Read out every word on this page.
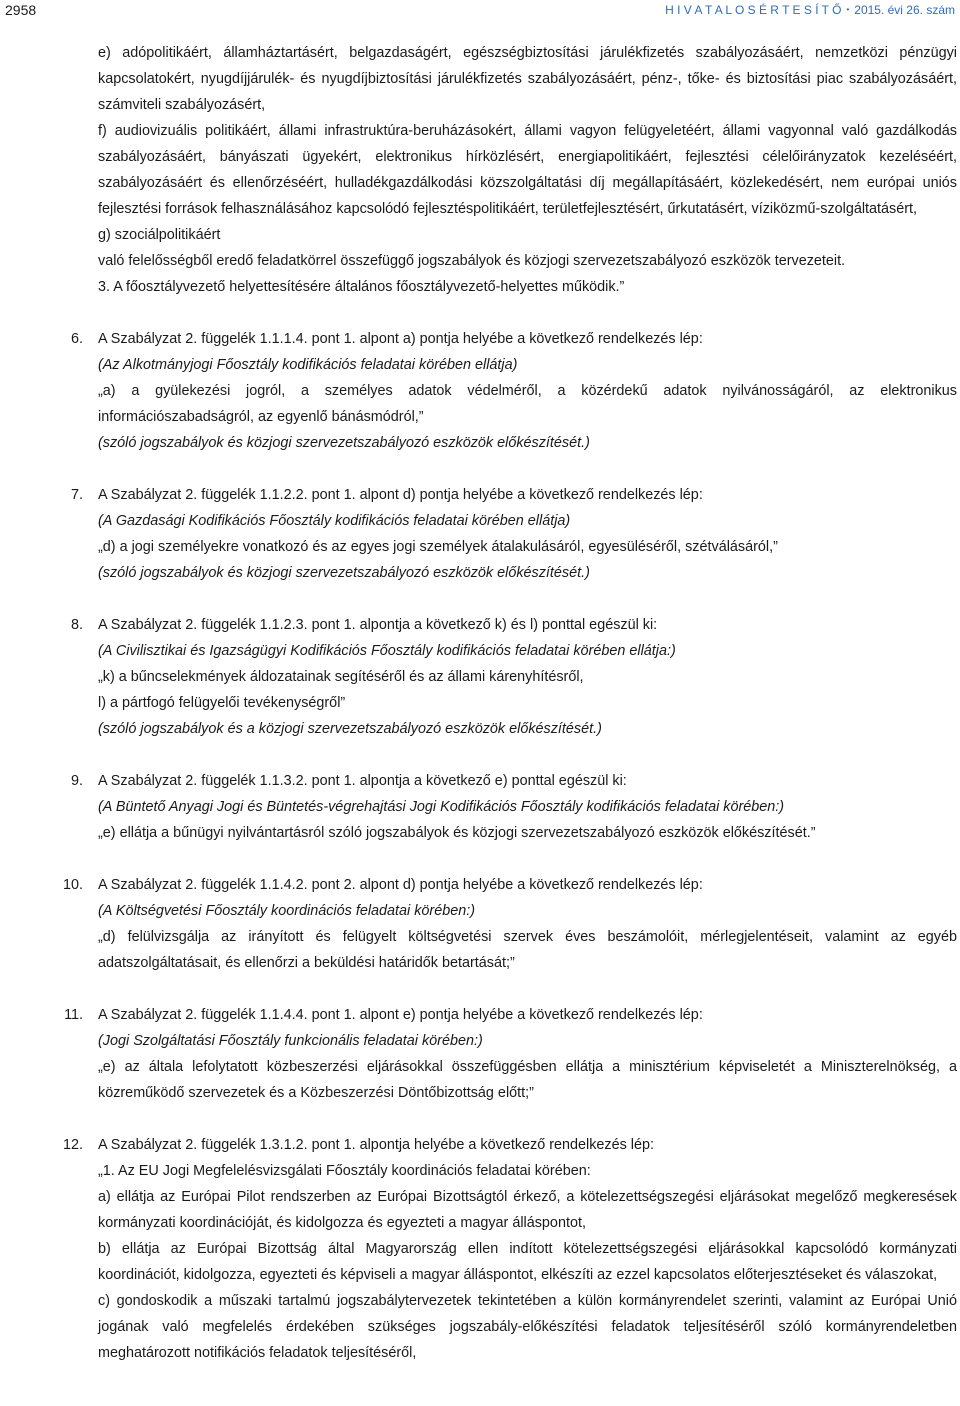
2958	H I V A T A L O S É R T E S Í T Ő • 2015. évi 26. szám

e) adópolitikáért, államháztartásért, belgazdaságért, egészségbiztosítási járulékfizetés szabályozásáért, nemzetközi pénzügyi kapcsolatokért, nyugdíjjárulék- és nyugdíjbiztosítási járulékfizetés szabályozásáért, pénz-, tőke- és biztosítási piac szabályozásáért, számviteli szabályozásért,

f) audiovizuális politikáért, állami infrastruktúra-beruházásokért, állami vagyon felügyeletéért, állami vagyonnal való gazdálkodás szabályozásáért, bányászati ügyekért, elektronikus hírközlésért, energiapolitikáért, fejlesztési célelőirányzatok kezeléséért, szabályozásáért és ellenőrzéséért, hulladékgazdálkodási közszolgáltatási díj megállapításáért, közlekedésért, nem európai uniós fejlesztési források felhasználásához kapcsolódó fejlesztéspolitikáért, területfejlesztésért, űrkutatásért, víziközmű-szolgáltatásért,

g) szociálpolitikáért

való felelősségből eredő feladatkörrel összefüggő jogszabályok és közjogi szervezetszabályozó eszközök tervezeteit.

3. A főosztályvezető helyettesítésére általános főosztályvezető-helyettes működik.”

6. A Szabályzat 2. függelék 1.1.1.4. pont 1. alpont a) pontja helyébe a következő rendelkezés lép:

(Az Alkotmányjogi Főosztály kodifikációs feladatai körében ellátja)

„a) a gyülekezési jogról, a személyes adatok védelméről, a közérdekű adatok nyilvánosságáról, az elektronikus információszabadságról, az egyenlő bánásmódról,”

(szóló jogszabályok és közjogi szervezetszabályozó eszközök előkészítését.)

7. A Szabályzat 2. függelék 1.1.2.2. pont 1. alpont d) pontja helyébe a következő rendelkezés lép:

(A Gazdasági Kodifikációs Főosztály kodifikációs feladatai körében ellátja)

„d) a jogi személyekre vonatkozó és az egyes jogi személyek átalakulásáról, egyesüléséről, szétválásáról,”

(szóló jogszabályok és közjogi szervezetszabályozó eszközök előkészítését.)

8. A Szabályzat 2. függelék 1.1.2.3. pont 1. alpontja a következő k) és l) ponttal egészül ki:

(A Civilisztikai és Igazságügyi Kodifikációs Főosztály kodifikációs feladatai körében ellátja:)

„k) a bűncselekmények áldozatainak segítéséről és az állami kárenyhítésről,

l) a pártfogó felügyelői tevékenységről”

(szóló jogszabályok és a közjogi szervezetszabályozó eszközök előkészítését.)

9. A Szabályzat 2. függelék 1.1.3.2. pont 1. alpontja a következő e) ponttal egészül ki:

(A Büntető Anyagi Jogi és Büntetés-végrehajtási Jogi Kodifikációs Főosztály kodifikációs feladatai körében:)

„e) ellátja a bűnügyi nyilvántartásról szóló jogszabályok és közjogi szervezetszabályozó eszközök előkészítését.”

10. A Szabályzat 2. függelék 1.1.4.2. pont 2. alpont d) pontja helyébe a következő rendelkezés lép:

(A Költségvetési Főosztály koordinációs feladatai körében:)

„d) felülvizsgálja az irányított és felügyelt költségvetési szervek éves beszámolóit, mérlegjelentéseit, valamint az egyéb adatszolgáltatásait, és ellenőrzi a beküldési határidők betartását;”

11. A Szabályzat 2. függelék 1.1.4.4. pont 1. alpont e) pontja helyébe a következő rendelkezés lép:

(Jogi Szolgáltatási Főosztály funkcionális feladatai körében:)

„e) az általa lefolytatott közbeszerzési eljárásokkal összefüggésben ellátja a minisztérium képviseletét a Miniszterelnökség, a közreműködő szervezetek és a Közbeszerzési Döntőbizottság előtt;”

12. A Szabályzat 2. függelék 1.3.1.2. pont 1. alpontja helyébe a következő rendelkezés lép:

„1. Az EU Jogi Megfelelésvizsgálati Főosztály koordinációs feladatai körében:

a) ellátja az Európai Pilot rendszerben az Európai Bizottságtól érkező, a kötelezettségszegési eljárásokat megelőző megkeresések kormányzati koordinációját, és kidolgozza és egyezteti a magyar álláspontot,

b) ellátja az Európai Bizottság által Magyarország ellen indított kötelezettségszegési eljárásokkal kapcsolódó kormányzati koordinációt, kidolgozza, egyezteti és képviseli a magyar álláspontot, elkészíti az ezzel kapcsolatos előterjesztéseket és válaszokat,

c) gondoskodik a műszaki tartalmú jogszabálytervezetek tekintetében a külön kormányrendelet szerinti, valamint az Európai Unió jogának való megfelelés érdekében szükséges jogszabály-előkészítési feladatok teljesítéséről szóló kormányrendeletben meghatározott notifikációs feladatok teljesítéséről,
